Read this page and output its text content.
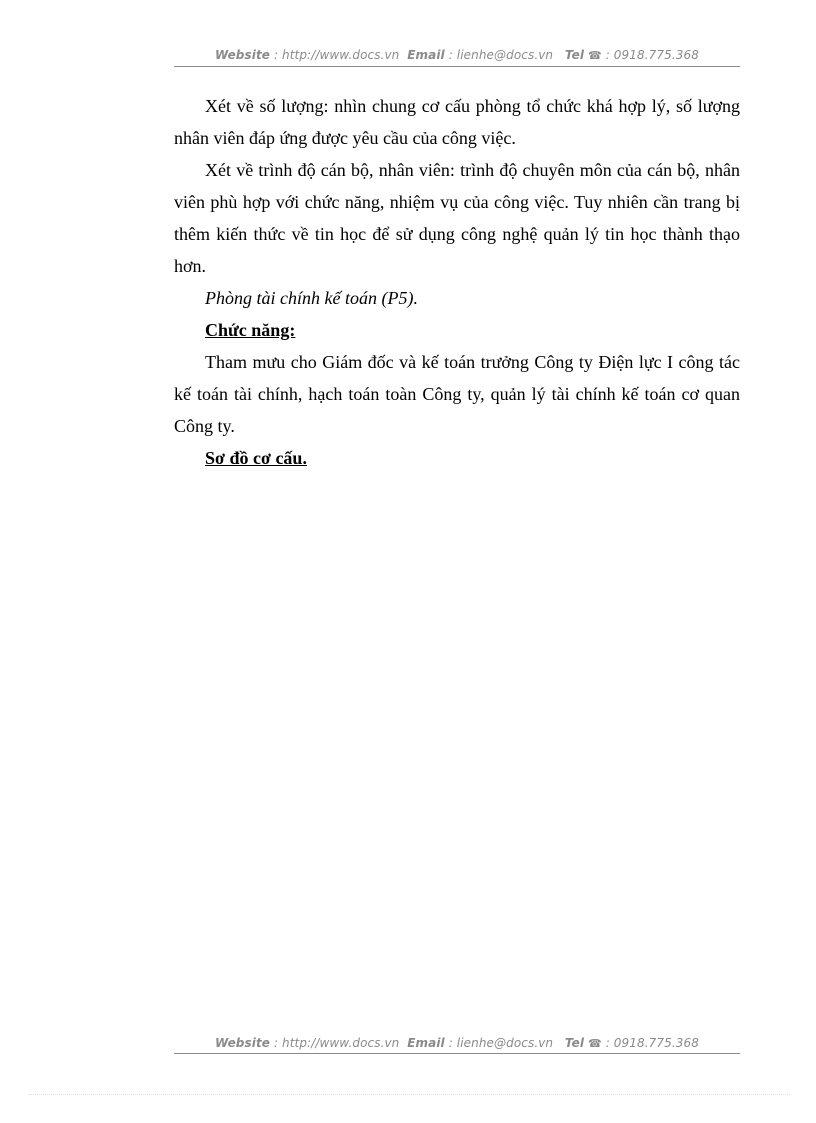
Website : http://www.docs.vn Email : lienhe@docs.vn Tel ☎ : 0918.775.368

Xét về số lượng: nhìn chung cơ cấu phòng tổ chức khá hợp lý, số lượng nhân viên đáp ứng được yêu cầu của công việc.

Xét về trình độ cán bộ, nhân viên: trình độ chuyên môn của cán bộ, nhân viên phù hợp với chức năng, nhiệm vụ của công việc. Tuy nhiên cần trang bị thêm kiến thức về tin học để sử dụng công nghệ quản lý tin học thành thạo hơn.

Phòng tài chính kế toán (P5).

Chức năng:

Tham mưu cho Giám đốc và kế toán trưởng Công ty Điện lực I công tác kế toán tài chính, hạch toán toàn Công ty, quản lý tài chính kế toán cơ quan Công ty.

Sơ đồ cơ cấu.

Website : http://www.docs.vn Email : lienhe@docs.vn Tel ☎ : 0918.775.368
